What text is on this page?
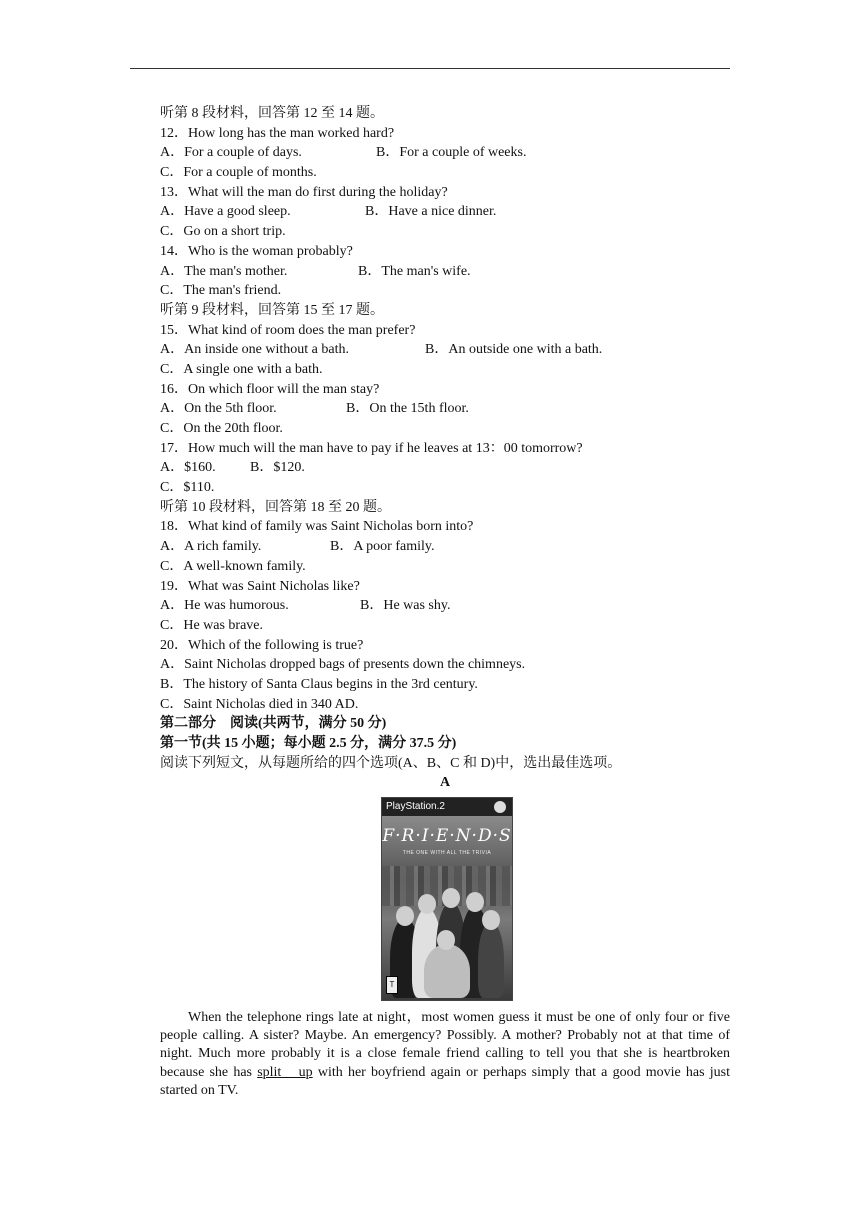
听第 8 段材料，回答第 12 至 14 题。
12．How long has the man worked hard?
A．For a couple of days.	B．For a couple of weeks.
C．For a couple of months.
13．What will the man do first during the holiday?
A．Have a good sleep.	B．Have a nice dinner.
C．Go on a short trip.
14．Who is the woman probably?
A．The man's mother.	B．The man's wife.
C．The man's friend.
听第 9 段材料，回答第 15 至 17 题。
15．What kind of room does the man prefer?
A．An inside one without a bath.	B．An outside one with a bath.
C．A single one with a bath.
16．On which floor will the man stay?
A．On the 5th floor.	B．On the 15th floor.
C．On the 20th floor.
17．How much will the man have to pay if he leaves at 13：00 tomorrow?
A．$160. B．$120.
C．$110.
听第 10 段材料，回答第 18 至 20 题。
18．What kind of family was Saint Nicholas born into?
A．A rich family.	B．A poor family.
C．A well-known family.
19．What was Saint Nicholas like?
A．He was humorous.	B．He was shy.
C．He was brave.
20．Which of the following is true?
A．Saint Nicholas dropped bags of presents down the chimneys.
B．The history of Santa Claus begins in the 3rd century.
C．Saint Nicholas died in 340 AD.
第二部分　阅读(共两节，满分 50 分)
第一节(共 15 小题；每小题 2.5 分，满分 37.5 分)
阅读下列短文，从每题所给的四个选项(A、B、C 和 D)中，选出最佳选项。
A
PlayStation.2
F·R·I·E·N·D·S
THE ONE WITH ALL THE TRIVIA
T
When the telephone rings late at night，most women guess it must be one of only four or five people calling. A sister? Maybe. An emergency? Possibly. A mother? Probably not at that time of night. Much more probably it is a close female friend calling to tell you that she is heartbroken because she has split　up with her boyfriend again or perhaps simply that a good movie has just started on TV.
